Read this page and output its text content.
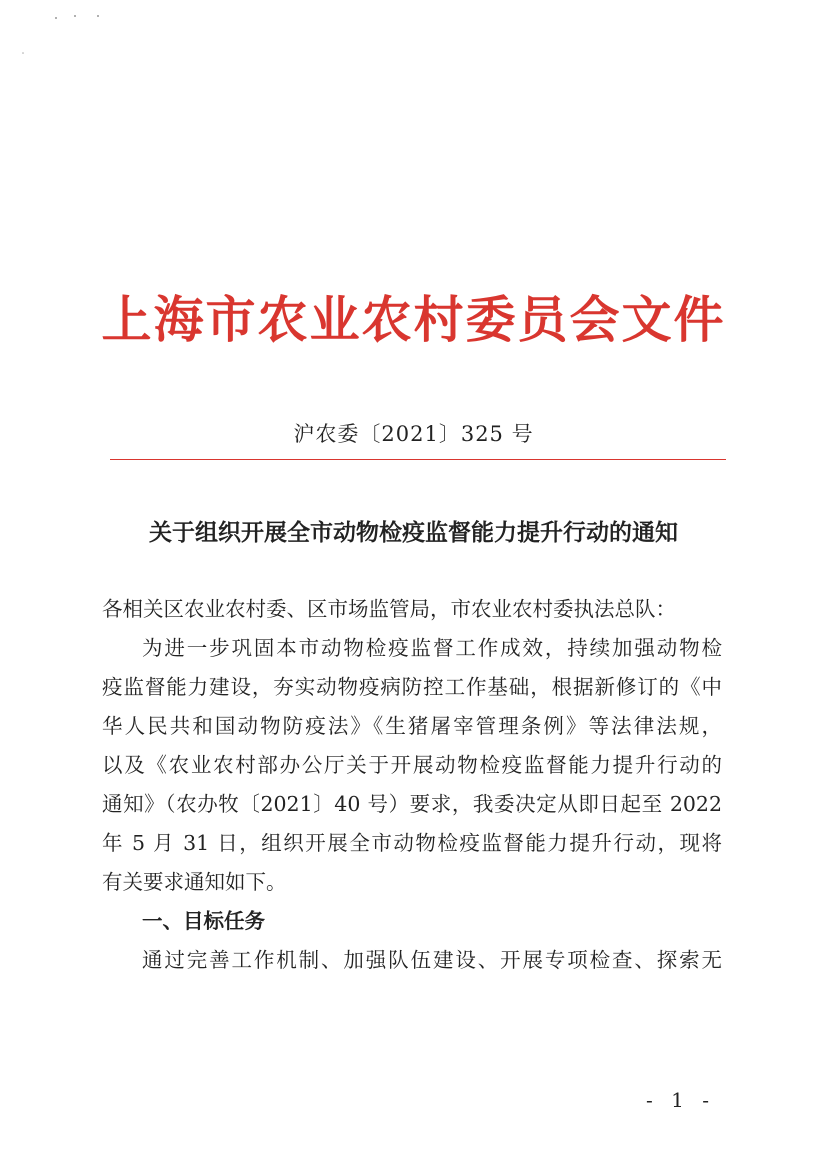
上海市农业农村委员会文件
沪农委〔2021〕325 号
关于组织开展全市动物检疫监督能力提升行动的通知
各相关区农业农村委、区市场监管局，市农业农村委执法总队：
为进一步巩固本市动物检疫监督工作成效，持续加强动物检
疫监督能力建设，夯实动物疫病防控工作基础，根据新修订的《中
华人民共和国动物防疫法》《生猪屠宰管理条例》等法律法规，
以及《农业农村部办公厅关于开展动物检疫监督能力提升行动的
通知》（农办牧〔2021〕40 号）要求，我委决定从即日起至 2022
年 5 月 31 日，组织开展全市动物检疫监督能力提升行动，现将
有关要求通知如下。
一、目标任务
通过完善工作机制、加强队伍建设、开展专项检查、探索无
- 1 -
